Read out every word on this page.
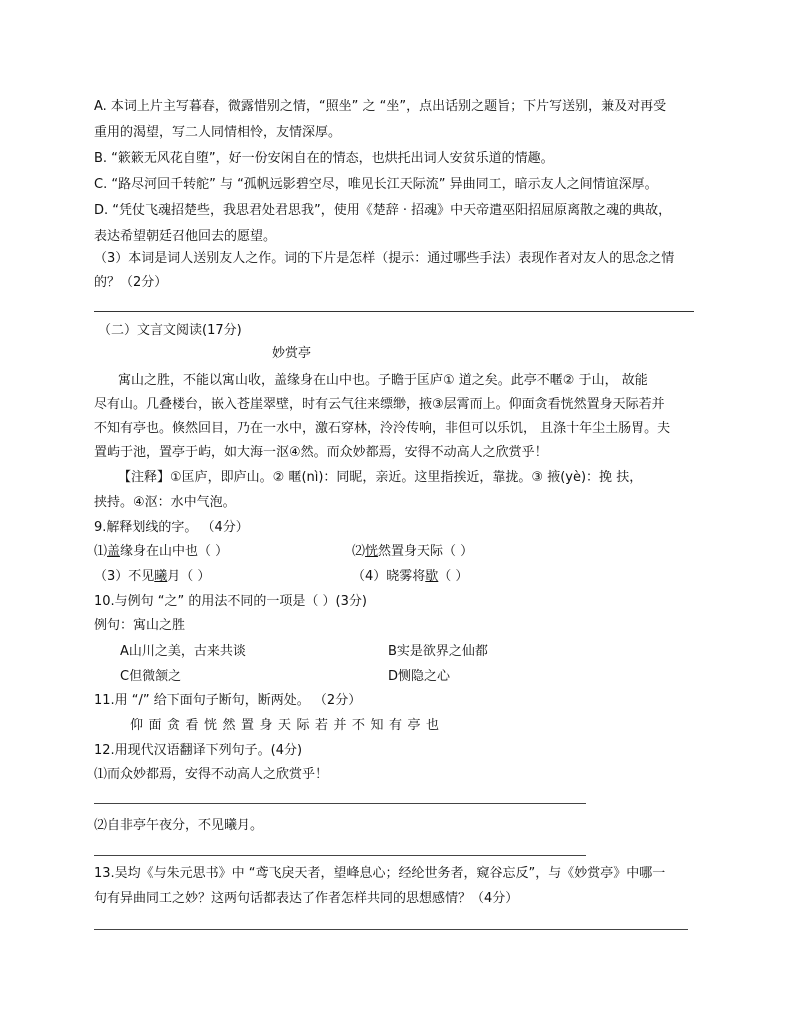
A. 本词上片主写暮春，微露惜别之情，“照坐” 之 “坐”，点出话别之题旨；下片写送别，兼及对再受
重用的渴望，写二人同情相怜，友情深厚。
B. “簌簌无风花自堕”，好一份安闲自在的情态，也烘托出词人安贫乐道的情趣。
C. “路尽河回千转舵” 与 “孤帆远影碧空尽，唯见长江天际流” 异曲同工，暗示友人之间情谊深厚。
D. “凭仗飞魂招楚些，我思君处君思我”，使用《楚辞 · 招魂》中天帝遣巫阳招屈原离散之魂的典故，
表达希望朝廷召他回去的愿望。
（3）本词是词人送别友人之作。词的下片是怎样（提示：通过哪些手法）表现作者对友人的思念之情
的？（2分）
（二）文言文阅读(17分)
妙赏亭
寓山之胜，不能以寓山收，盖缘身在山中也。子瞻于匡庐① 道之矣。此亭不暱② 于山， 故能
尽有山。几叠楼台，嵌入苍崖翠壁，时有云气往来缥缈，掖③层霄而上。仰面贪看恍然置身天际若并
不知有亭也。倏然回目，乃在一水中，激石穿林，泠泠传响，非但可以乐饥， 且涤十年尘土肠胃。夫
置屿于池，置亭于屿，如大海一沤④然。而众妙都焉，安得不动高人之欣赏乎！
【注释】①匡庐，即庐山。② 暱(nì)：同昵，亲近。这里指挨近，靠拢。③ 掖(yè)：挽 扶，
挟持。④沤：水中气泡。
9.解释划线的字。 （4分）
⑴盖缘身在山中也（ ）	⑵恍然置身天际（ ）
（3）不见曦月（ ）	（4）晓雾将歇（ ）
10.与例句 “之” 的用法不同的一项是（ ）(3分)
例句：寓山之胜
A山川之美，古来共谈	B实是欲界之仙都
C但微颔之	D恻隐之心
11.用 “/” 给下面句子断句，断两处。 （2分）
仰面贪看恍然置身天际若并不知有亭也
12.用现代汉语翻译下列句子。(4分)
⑴而众妙都焉，安得不动高人之欣赏乎！
⑵自非亭午夜分，不见曦月。
13.吴均《与朱元思书》中 “鸢飞戾天者，望峰息心；经纶世务者，窥谷忘反”，与《妙赏亭》中哪一
句有异曲同工之妙？这两句话都表达了作者怎样共同的思想感情？（4分）
